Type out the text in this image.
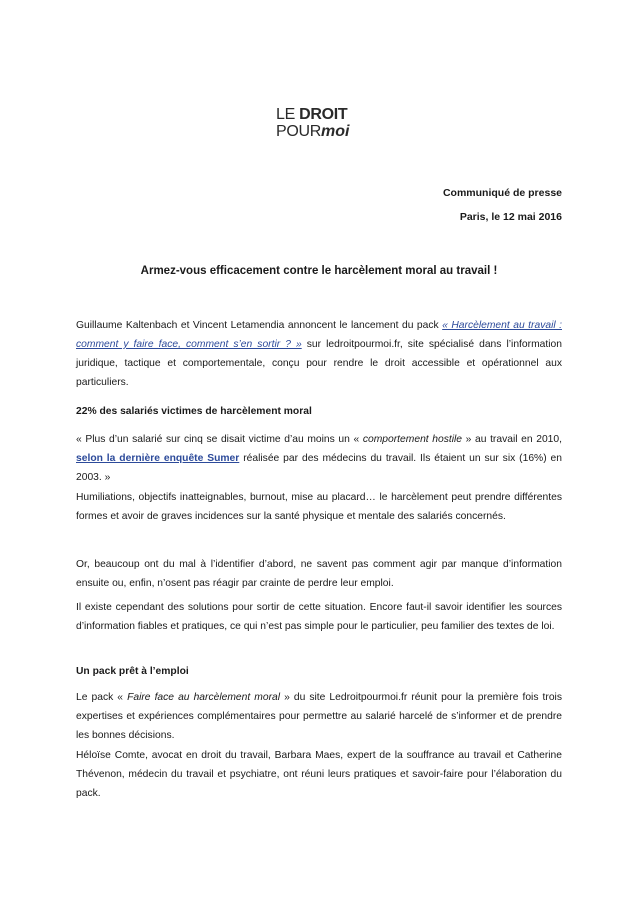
LE DROIT
POURmoi
Communiqué de presse
Paris, le 12 mai 2016
Armez-vous efficacement contre le harcèlement moral au travail !

Guillaume Kaltenbach et Vincent Letamendia annoncent le lancement du pack « Harcèlement au travail : comment y faire face, comment s’en sortir ? » sur ledroitpourmoi.fr, site spécialisé dans l’information juridique, tactique et comportementale, conçu pour rendre le droit accessible et opérationnel aux particuliers.

22% des salariés victimes de harcèlement moral

« Plus d’un salarié sur cinq se disait victime d’au moins un « comportement hostile » au travail en 2010, selon la dernière enquête Sumer réalisée par des médecins du travail. Ils étaient un sur six (16%) en 2003. »

Humiliations, objectifs inatteignables, burnout, mise au placard… le harcèlement peut prendre différentes formes et avoir de graves incidences sur la santé physique et mentale des salariés concernés.

Or, beaucoup ont du mal à l’identifier d’abord, ne savent pas comment agir par manque d’information ensuite ou, enfin, n’osent pas réagir par crainte de perdre leur emploi.

Il existe cependant des solutions pour sortir de cette situation. Encore faut-il savoir identifier les sources d’information fiables et pratiques, ce qui n’est pas simple pour le particulier, peu familier des textes de loi.

Un pack prêt à l’emploi

Le pack « Faire face au harcèlement moral » du site Ledroitpourmoi.fr réunit pour la première fois trois expertises et expériences complémentaires pour permettre au salarié harcelé de s’informer et de prendre les bonnes décisions.

Héloïse Comte, avocat en droit du travail, Barbara Maes, expert de la souffrance au travail et Catherine Thévenon, médecin du travail et psychiatre, ont réuni leurs pratiques et savoir-faire pour l’élaboration du pack.
